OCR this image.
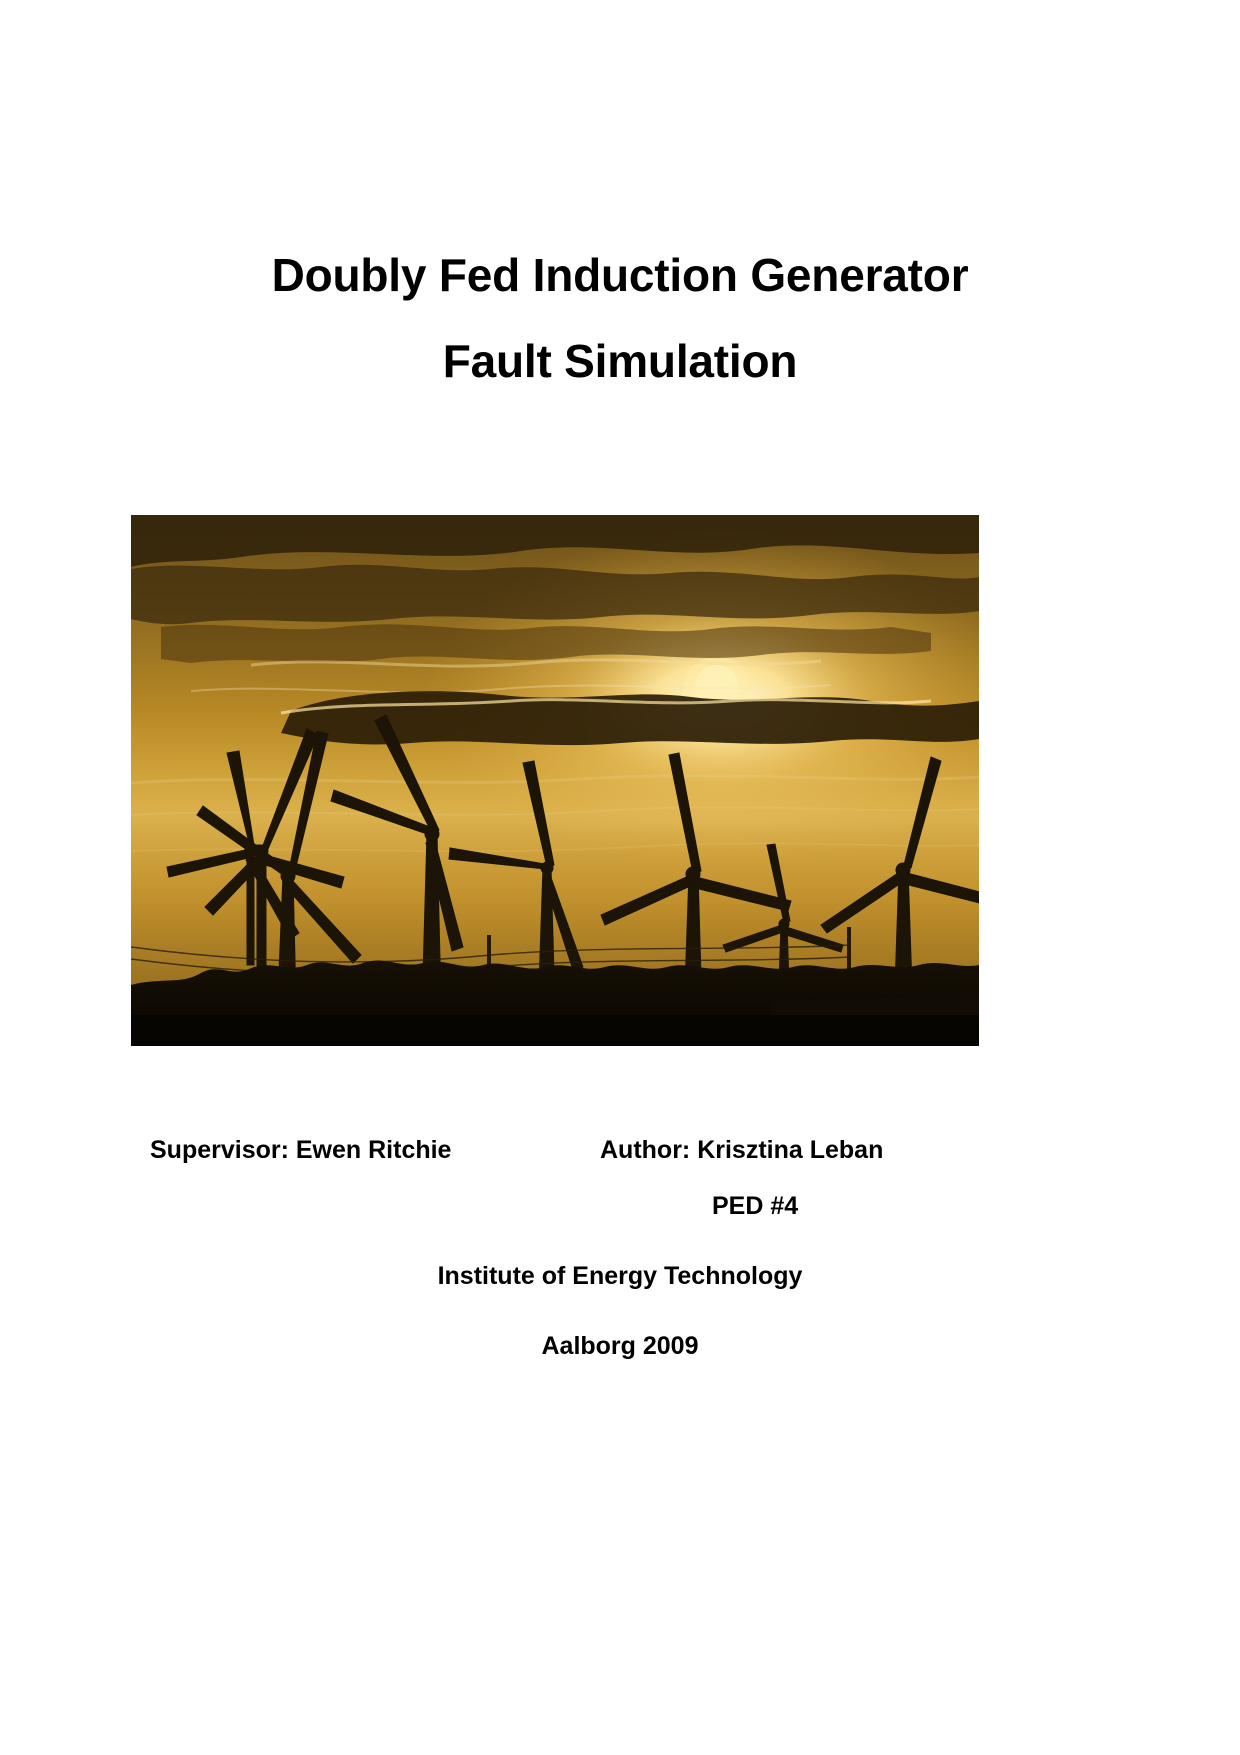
Doubly Fed Induction Generator
Fault Simulation
Supervisor: Ewen Ritchie	Author: Krisztina Leban
PED #4
Institute of Energy Technology
Aalborg 2009
